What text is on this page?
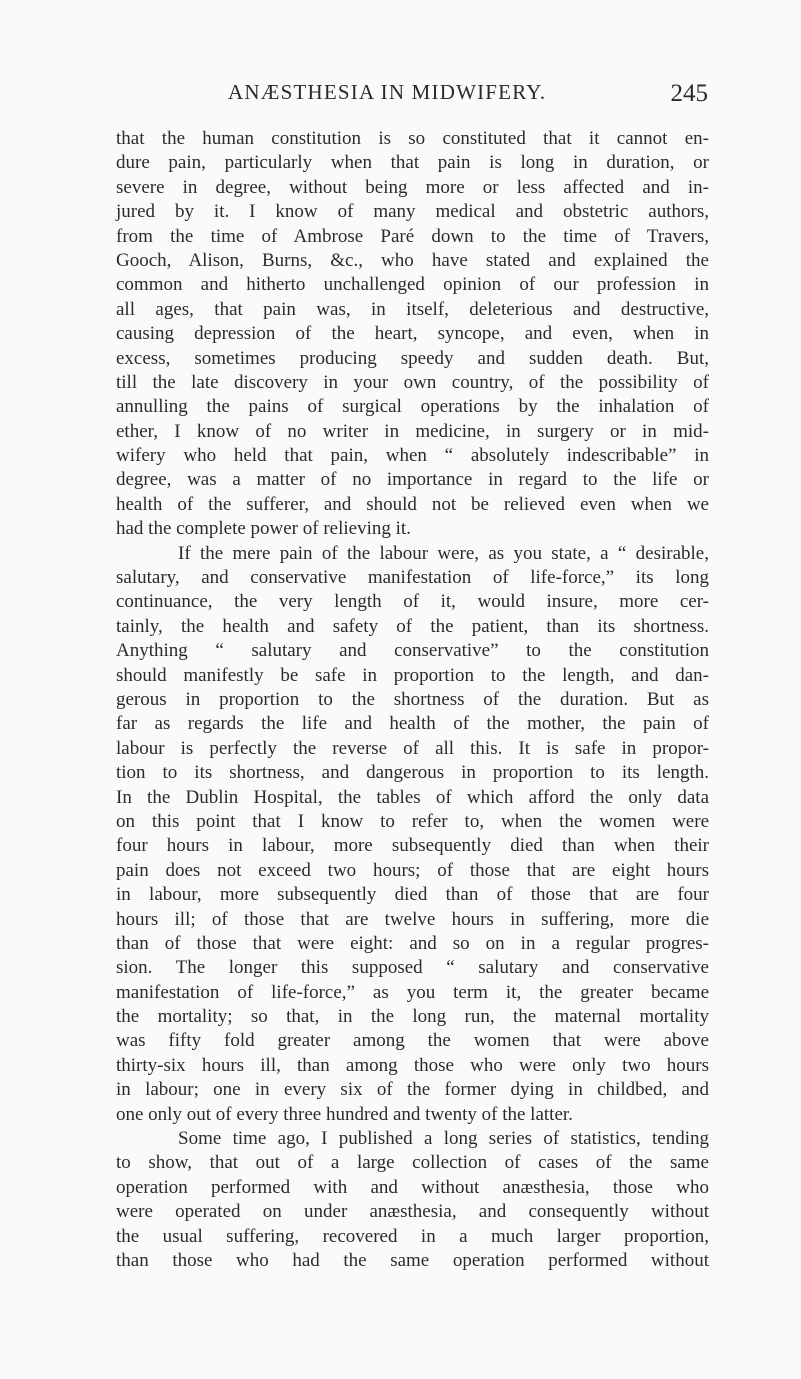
ANÆSTHESIA IN MIDWIFERY.	245
that the human constitution is so constituted that it cannot en-
dure pain, particularly when that pain is long in duration, or
severe in degree, without being more or less affected and in-
jured by it. I know of many medical and obstetric authors,
from the time of Ambrose Paré down to the time of Travers,
Gooch, Alison, Burns, &c., who have stated and explained the
common and hitherto unchallenged opinion of our profession in
all ages, that pain was, in itself, deleterious and destructive,
causing depression of the heart, syncope, and even, when in
excess, sometimes producing speedy and sudden death. But,
till the late discovery in your own country, of the possibility of
annulling the pains of surgical operations by the inhalation of
ether, I know of no writer in medicine, in surgery or in mid-
wifery who held that pain, when “ absolutely indescribable” in
degree, was a matter of no importance in regard to the life or
health of the sufferer, and should not be relieved even when we
had the complete power of relieving it.
If the mere pain of the labour were, as you state, a “ desirable,
salutary, and conservative manifestation of life-force,” its long
continuance, the very length of it, would insure, more cer-
tainly, the health and safety of the patient, than its shortness.
Anything “ salutary and conservative” to the constitution
should manifestly be safe in proportion to the length, and dan-
gerous in proportion to the shortness of the duration. But as
far as regards the life and health of the mother, the pain of
labour is perfectly the reverse of all this. It is safe in propor-
tion to its shortness, and dangerous in proportion to its length.
In the Dublin Hospital, the tables of which afford the only data
on this point that I know to refer to, when the women were
four hours in labour, more subsequently died than when their
pain does not exceed two hours; of those that are eight hours
in labour, more subsequently died than of those that are four
hours ill; of those that are twelve hours in suffering, more die
than of those that were eight: and so on in a regular progres-
sion. The longer this supposed “ salutary and conservative
manifestation of life-force,” as you term it, the greater became
the mortality; so that, in the long run, the maternal mortality
was fifty fold greater among the women that were above
thirty-six hours ill, than among those who were only two hours
in labour; one in every six of the former dying in childbed, and
one only out of every three hundred and twenty of the latter.
Some time ago, I published a long series of statistics, tending
to show, that out of a large collection of cases of the same
operation performed with and without anæsthesia, those who
were operated on under anæsthesia, and consequently without
the usual suffering, recovered in a much larger proportion,
than those who had the same operation performed without
